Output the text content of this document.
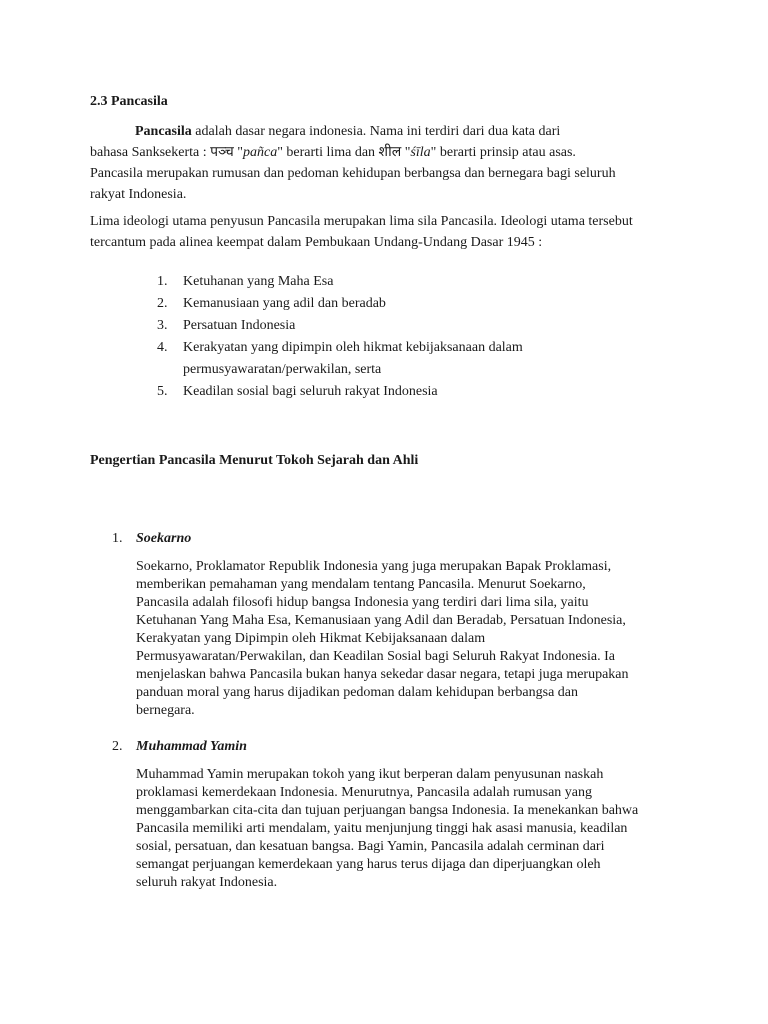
2.3 Pancasila
Pancasila adalah dasar negara indonesia. Nama ini terdiri dari dua kata dari
bahasa Sanksekerta : पञ्च "pañca" berarti lima dan शील "śīla" berarti prinsip atau asas.
Pancasila merupakan rumusan dan pedoman kehidupan berbangsa dan bernegara bagi seluruh
rakyat Indonesia.
Lima ideologi utama penyusun Pancasila merupakan lima sila Pancasila. Ideologi utama tersebut
tercantum pada alinea keempat dalam Pembukaan Undang-Undang Dasar 1945 :
1. Ketuhanan yang Maha Esa
2. Kemanusiaan yang adil dan beradab
3. Persatuan Indonesia
4. Kerakyatan yang dipimpin oleh hikmat kebijaksanaan dalam
permusyawaratan/perwakilan, serta
5. Keadilan sosial bagi seluruh rakyat Indonesia
Pengertian Pancasila Menurut Tokoh Sejarah dan Ahli
1. Soekarno
Soekarno, Proklamator Republik Indonesia yang juga merupakan Bapak Proklamasi,
memberikan pemahaman yang mendalam tentang Pancasila. Menurut Soekarno,
Pancasila adalah filosofi hidup bangsa Indonesia yang terdiri dari lima sila, yaitu
Ketuhanan Yang Maha Esa, Kemanusiaan yang Adil dan Beradab, Persatuan Indonesia,
Kerakyatan yang Dipimpin oleh Hikmat Kebijaksanaan dalam
Permusyawaratan/Perwakilan, dan Keadilan Sosial bagi Seluruh Rakyat Indonesia. Ia
menjelaskan bahwa Pancasila bukan hanya sekedar dasar negara, tetapi juga merupakan
panduan moral yang harus dijadikan pedoman dalam kehidupan berbangsa dan
bernegara.
2. Muhammad Yamin
Muhammad Yamin merupakan tokoh yang ikut berperan dalam penyusunan naskah
proklamasi kemerdekaan Indonesia. Menurutnya, Pancasila adalah rumusan yang
menggambarkan cita-cita dan tujuan perjuangan bangsa Indonesia. Ia menekankan bahwa
Pancasila memiliki arti mendalam, yaitu menjunjung tinggi hak asasi manusia, keadilan
sosial, persatuan, dan kesatuan bangsa. Bagi Yamin, Pancasila adalah cerminan dari
semangat perjuangan kemerdekaan yang harus terus dijaga dan diperjuangkan oleh
seluruh rakyat Indonesia.
